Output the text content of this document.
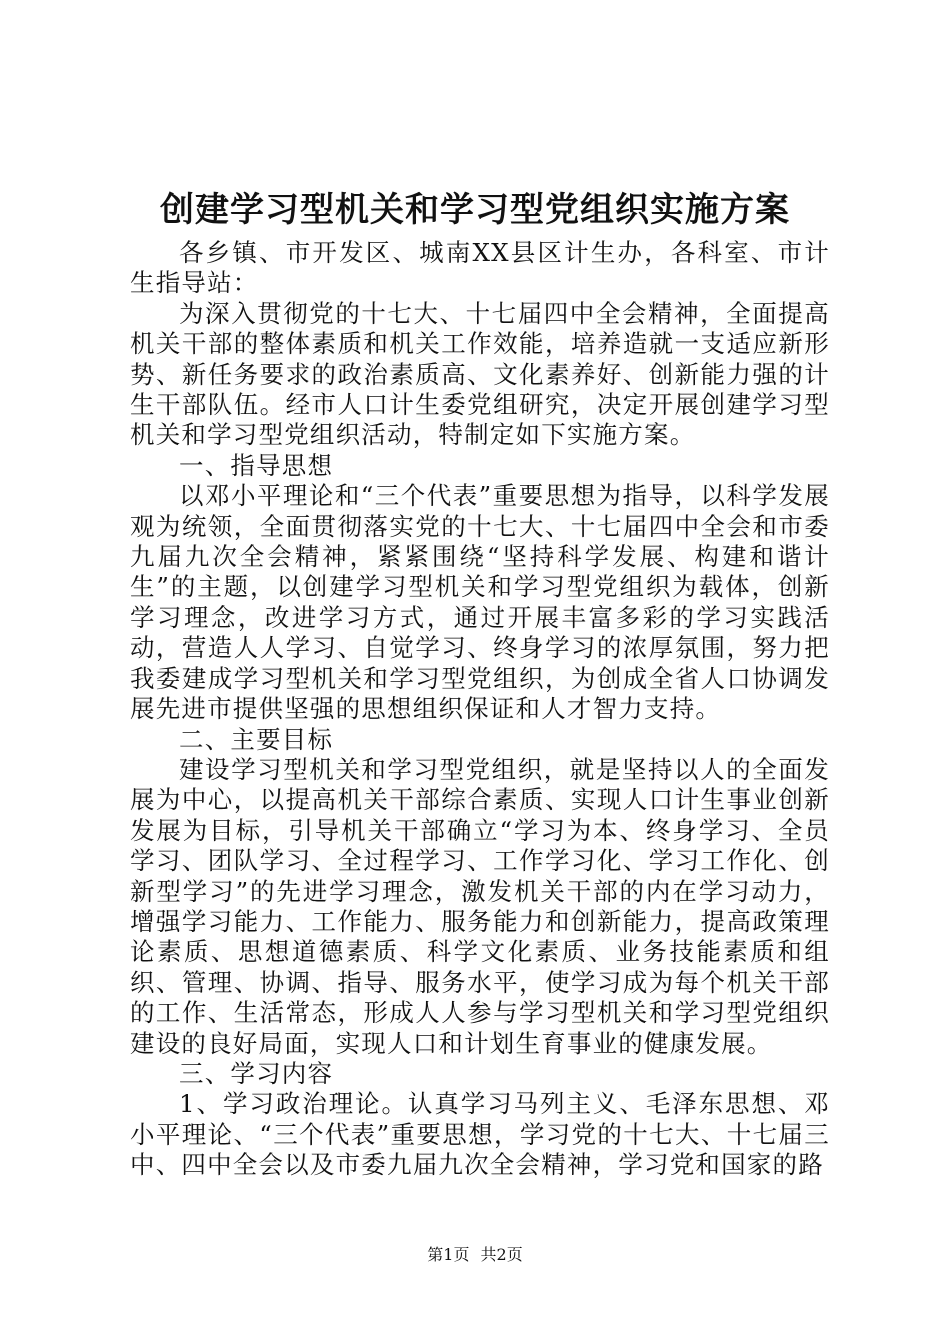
创建学习型机关和学习型党组织实施方案

各乡镇、市开发区、城南XX县区计生办，各科室、市计生指导站：

为深入贯彻党的十七大、十七届四中全会精神，全面提高机关干部的整体素质和机关工作效能，培养造就一支适应新形势、新任务要求的政治素质高、文化素养好、创新能力强的计生干部队伍。经市人口计生委党组研究，决定开展创建学习型机关和学习型党组织活动，特制定如下实施方案。

一、指导思想

以邓小平理论和“三个代表”重要思想为指导，以科学发展观为统领，全面贯彻落实党的十七大、十七届四中全会和市委九届九次全会精神，紧紧围绕“坚持科学发展、构建和谐计生”的主题，以创建学习型机关和学习型党组织为载体，创新学习理念，改进学习方式，通过开展丰富多彩的学习实践活动，营造人人学习、自觉学习、终身学习的浓厚氛围，努力把我委建成学习型机关和学习型党组织，为创成全省人口协调发展先进市提供坚强的思想组织保证和人才智力支持。

二、主要目标

建设学习型机关和学习型党组织，就是坚持以人的全面发展为中心，以提高机关干部综合素质、实现人口计生事业创新发展为目标，引导机关干部确立“学习为本、终身学习、全员学习、团队学习、全过程学习、工作学习化、学习工作化、创新型学习”的先进学习理念，激发机关干部的内在学习动力，增强学习能力、工作能力、服务能力和创新能力，提高政策理论素质、思想道德素质、科学文化素质、业务技能素质和组织、管理、协调、指导、服务水平，使学习成为每个机关干部的工作、生活常态，形成人人参与学习型机关和学习型党组织建设的良好局面，实现人口和计划生育事业的健康发展。

三、学习内容

1、学习政治理论。认真学习马列主义、毛泽东思想、邓小平理论、“三个代表”重要思想，学习党的十七大、十七届三中、四中全会以及市委九届九次全会精神，学习党和国家的路

第1页 共2页
